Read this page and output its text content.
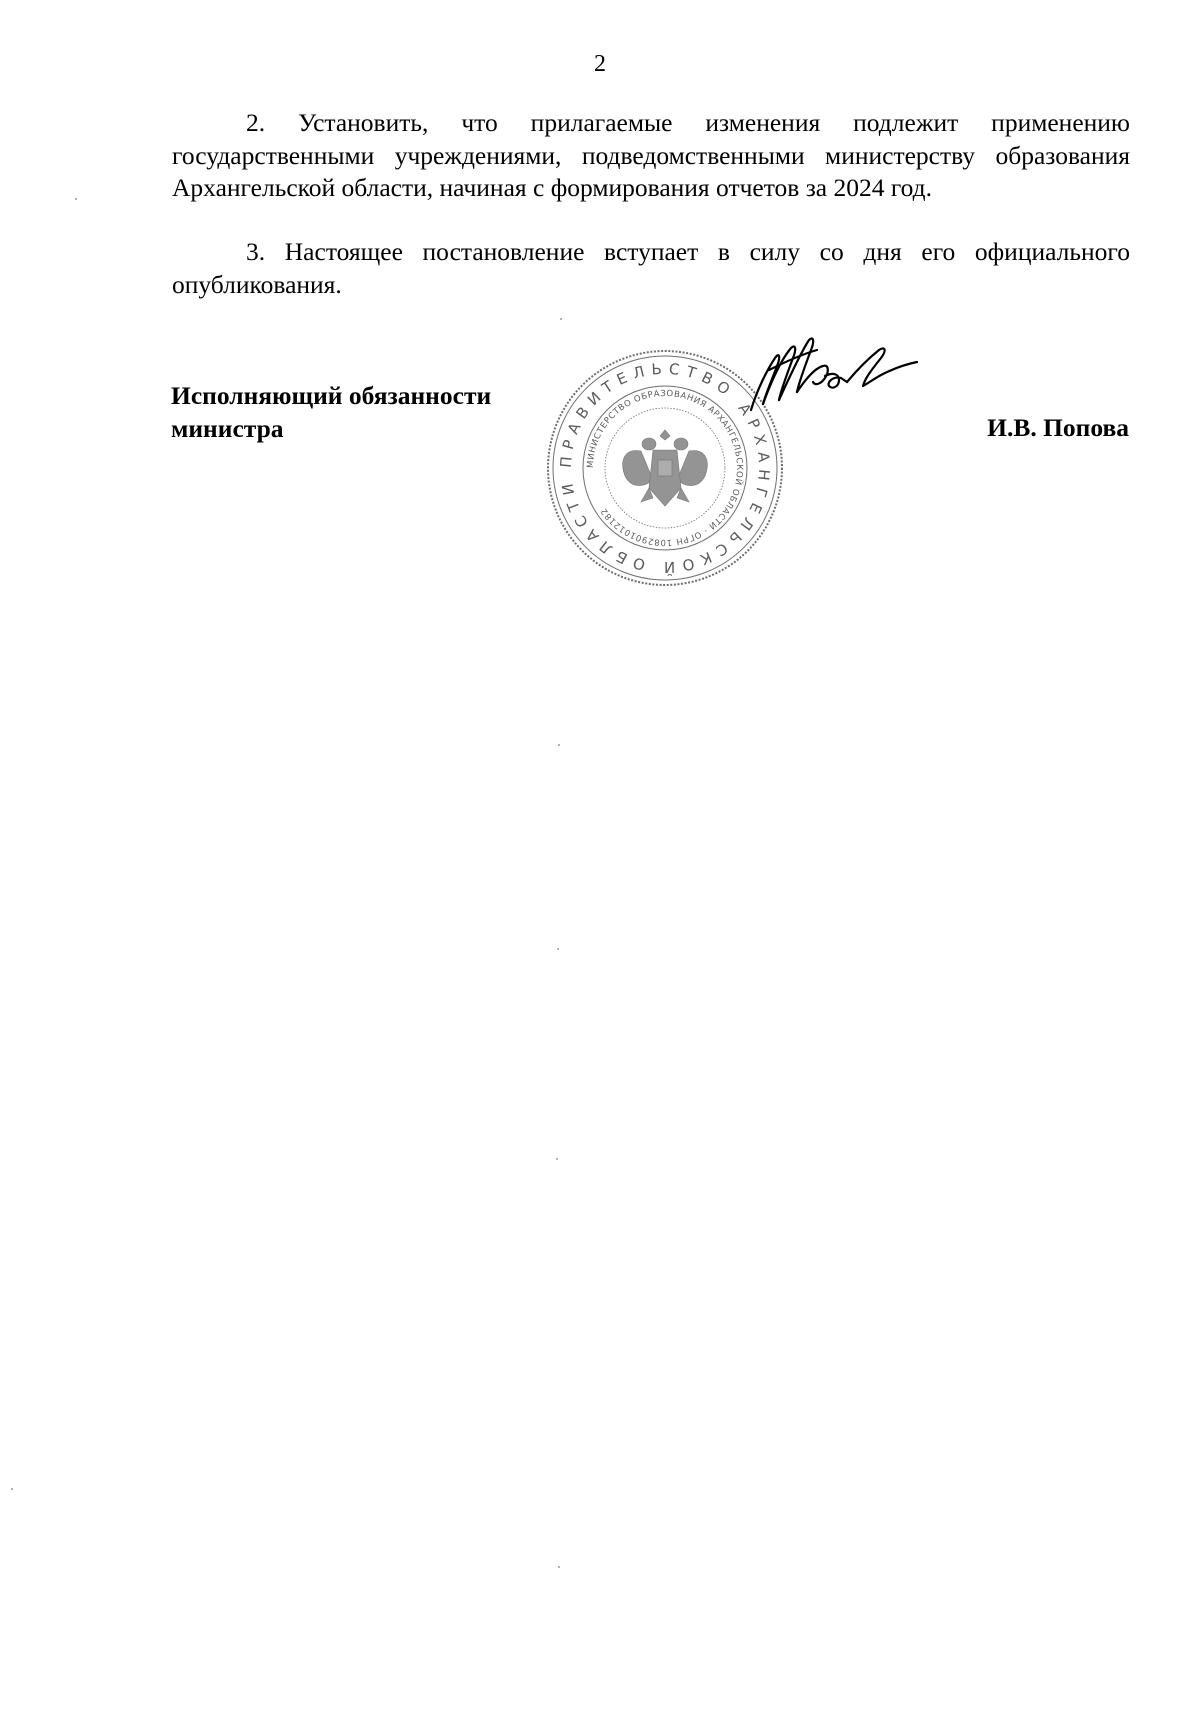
2

2. Установить, что прилагаемые изменения подлежит применению государственными учреждениями, подведомственными министерству образования Архангельской области, начиная с формирования отчетов за 2024 год.

3. Настоящее постановление вступает в силу со дня его официального опубликования.

Исполняющий обязанности
министра	И.В. Попова
ПРАВИТЕЛЬСТВО АРХАНГЕЛЬСКОЙ ОБЛАСТИ
МИНИСТЕРСТВО ОБРАЗОВАНИЯ АРХАНГЕЛЬСКОЙ ОБЛАСТИ · ОГРН 1082901012182
